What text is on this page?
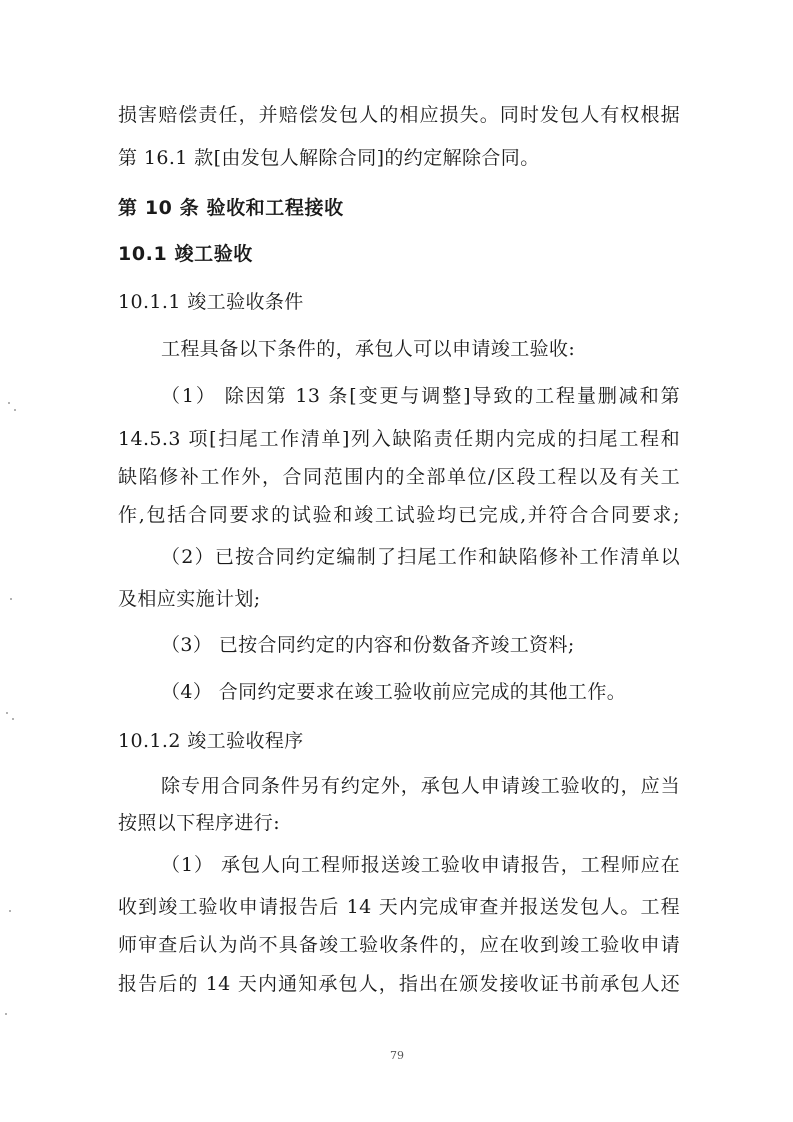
损害赔偿责任，并赔偿发包人的相应损失。同时发包人有权根据
第 16.1 款[由发包人解除合同]的约定解除合同。
第 10 条 验收和工程接收
10.1 竣工验收
10.1.1 竣工验收条件
工程具备以下条件的，承包人可以申请竣工验收:
（1） 除因第 13 条[变更与调整]导致的工程量删减和第
14.5.3 项[扫尾工作清单]列入缺陷责任期内完成的扫尾工程和
缺陷修补工作外，合同范围内的全部单位/区段工程以及有关工
作,包括合同要求的试验和竣工试验均已完成,并符合合同要求;
（2）已按合同约定编制了扫尾工作和缺陷修补工作清单以
及相应实施计划;
（3） 已按合同约定的内容和份数备齐竣工资料;
（4） 合同约定要求在竣工验收前应完成的其他工作。
10.1.2 竣工验收程序
除专用合同条件另有约定外，承包人申请竣工验收的，应当
按照以下程序进行:
（1） 承包人向工程师报送竣工验收申请报告，工程师应在
收到竣工验收申请报告后 14 天内完成审查并报送发包人。工程
师审查后认为尚不具备竣工验收条件的，应在收到竣工验收申请
报告后的 14 天内通知承包人，指出在颁发接收证书前承包人还
79
